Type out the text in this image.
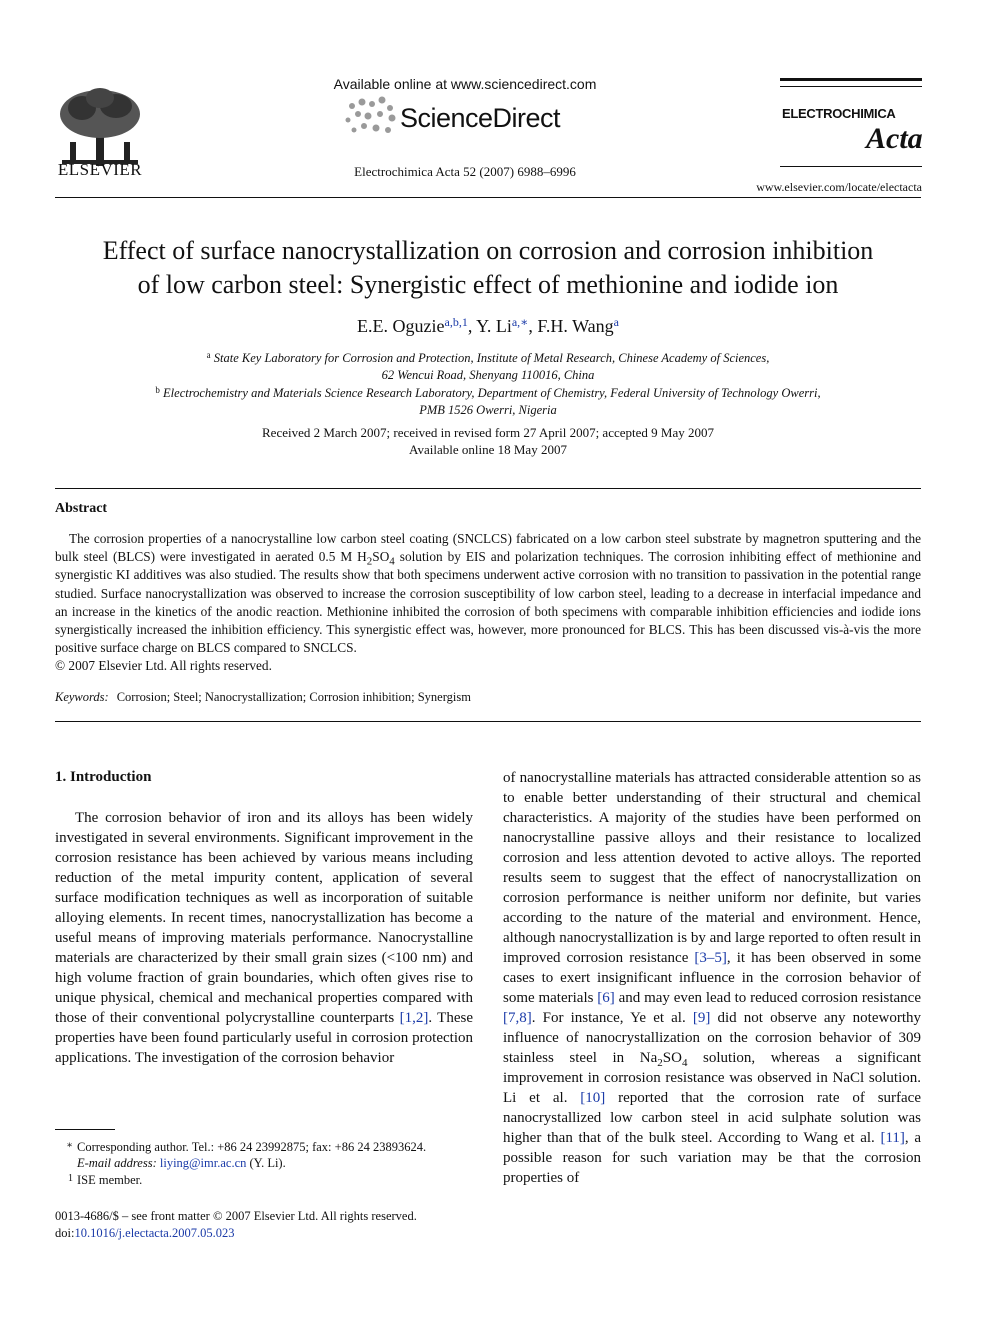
ELSEVIER
Available online at www.sciencedirect.com
ScienceDirect
Electrochimica Acta 52 (2007) 6988–6996
ELECTROCHIMICA
Acta
www.elsevier.com/locate/electacta
Effect of surface nanocrystallization on corrosion and corrosion inhibition
of low carbon steel: Synergistic effect of methionine and iodide ion
E.E. Oguzie$^{a,b,1}$, Y. $Li^{a,∗}$, F.H. Wang$^a$
$^a$ State Key Laboratory for Corrosion and Protection, Institute of Metal Research, Chinese Academy of Sciences,
62 Wencui Road, Shenyang 110016, China
$^b$ Electrochemistry and Materials Science Research Laboratory, Department of Chemistry, Federal University of Technology Owerri,
PMB 1526 Owerri, Nigeria
Received 2 March 2007; received in revised form 27 April 2007; accepted 9 May 2007
Available online 18 May 2007
Abstract

The corrosion properties of a nanocrystalline low carbon steel coating (SNCLCS) fabricated on a low carbon steel substrate by magnetron sputtering and the bulk steel (BLCS) were investigated in aerated 0.5 M $H_2SO_4$ solution by EIS and polarization techniques. The corrosion inhibiting effect of methionine and synergistic KI additives was also studied. The results show that both specimens underwent active corrosion with no transition to passivation in the potential range studied. Surface nanocrystallization was observed to increase the corrosion susceptibility of low carbon steel, leading to a decrease in interfacial impedance and an increase in the kinetics of the anodic reaction. Methionine inhibited the corrosion of both specimens with comparable inhibition efficiencies and iodide ions synergistically increased the inhibition efficiency. This synergistic effect was, however, more pronounced for BLCS. This has been discussed vis-à-vis the more positive surface charge on BLCS compared to SNCLCS.

© 2007 Elsevier Ltd. All rights reserved.
Keywords: Corrosion; Steel; Nanocrystallization; Corrosion inhibition; Synergism
1. Introduction

The corrosion behavior of iron and its alloys has been widely investigated in several environments. Significant improvement in the corrosion resistance has been achieved by various means including reduction of the metal impurity content, application of several surface modification techniques as well as incorporation of suitable alloying elements. In recent times, nanocrystallization has become a useful means of improving materials performance. Nanocrystalline materials are characterized by their small grain sizes (<100 nm) and high volume fraction of grain boundaries, which often gives rise to unique physical, chemical and mechanical properties compared with those of their conventional polycrystalline counterparts [1,2]. These properties have been found particularly useful in corrosion protection applications. The investigation of the corrosion behavior

of nanocrystalline materials has attracted considerable attention so as to enable better understanding of their structural and chemical characteristics. A majority of the studies have been performed on nanocrystalline passive alloys and their resistance to localized corrosion and less attention devoted to active alloys. The reported results seem to suggest that the effect of nanocrystallization on corrosion performance is neither uniform nor definite, but varies according to the nature of the material and environment. Hence, although nanocrystallization is by and large reported to often result in improved corrosion resistance [3–5], it has been observed in some cases to exert insignificant influence in the corrosion behavior of some materials [6] and may even lead to reduced corrosion resistance [7,8]. For instance, Ye et al. [9] did not observe any noteworthy influence of nanocrystallization on the corrosion behavior of 309 stainless steel in $Na_2SO_4$ solution, whereas a significant improvement in corrosion resistance was observed in NaCl solution. Li et al. [10] reported that the corrosion rate of surface nanocrystallized low carbon steel in acid sulphate solution was higher than that of the bulk steel. According to Wang et al. [11], a possible reason for such variation may be that the corrosion properties of

∗ Corresponding author. Tel.: +86 24 23992875; fax: +86 24 23893624.
E-mail address: liying@imr.ac.cn (Y. Li).
1 ISE member.
0013-4686/$ – see front matter © 2007 Elsevier Ltd. All rights reserved.
doi:10.1016/j.electacta.2007.05.023
